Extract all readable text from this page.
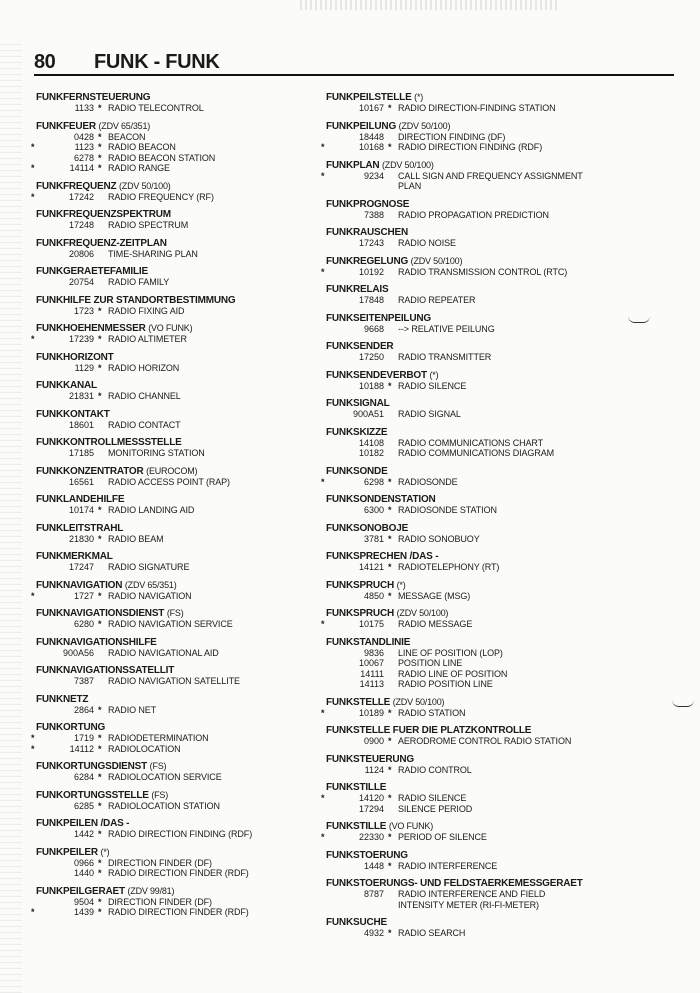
80 FUNK - FUNK
FUNKFERNSTEUERUNG
1133 * RADIO TELECONTROL
FUNKFEUER (ZDV 65/351)
0428 * BEACON
*	1123 * RADIO BEACON
6278 * RADIO BEACON STATION
*	14114 * RADIO RANGE
FUNKFREQUENZ (ZDV 50/100)
*	17242 RADIO FREQUENCY (RF)
FUNKFREQUENZSPEKTRUM
17248 RADIO SPECTRUM
FUNKFREQUENZ-ZEITPLAN
20806 TIME-SHARING PLAN
FUNKGERAETEFAMILIE
20754 RADIO FAMILY
FUNKHILFE ZUR STANDORTBESTIMMUNG
1723 * RADIO FIXING AID
FUNKHOEHENMESSER (VO FUNK)
*	17239 * RADIO ALTIMETER
FUNKHORIZONT
1129 * RADIO HORIZON
FUNKKANAL
21831 * RADIO CHANNEL
FUNKKONTAKT
18601 RADIO CONTACT
FUNKKONTROLLMESSSTELLE
17185 MONITORING STATION
FUNKKONZENTRATOR (EUROCOM)
16561 RADIO ACCESS POINT (RAP)
FUNKLANDEHILFE
10174 * RADIO LANDING AID
FUNKLEITSTRAHL
21830 * RADIO BEAM
FUNKMERKMAL
17247 RADIO SIGNATURE
FUNKNAVIGATION (ZDV 65/351)
*	1727 * RADIO NAVIGATION
FUNKNAVIGATIONSDIENST (FS)
6280 * RADIO NAVIGATION SERVICE
FUNKNAVIGATIONSHILFE
900A56 RADIO NAVIGATIONAL AID
FUNKNAVIGATIONSSATELLIT
7387 RADIO NAVIGATION SATELLITE
FUNKNETZ
2864 * RADIO NET
FUNKORTUNG
*	1719 * RADIODETERMINATION
*	14112 * RADIOLOCATION
FUNKORTUNGSDIENST (FS)
6284 * RADIOLOCATION SERVICE
FUNKORTUNGSSTELLE (FS)
6285 * RADIOLOCATION STATION
FUNKPEILEN /DAS -
1442 * RADIO DIRECTION FINDING (RDF)
FUNKPEILER (*)
0966 * DIRECTION FINDER (DF)
1440 * RADIO DIRECTION FINDER (RDF)
FUNKPEILGERAET (ZDV 99/81)
9504 * DIRECTION FINDER (DF)
*	1439 * RADIO DIRECTION FINDER (RDF)
FUNKPEILSTELLE (*)
10167 * RADIO DIRECTION-FINDING STATION
FUNKPEILUNG (ZDV 50/100)
18448 DIRECTION FINDING (DF)
*	10168 * RADIO DIRECTION FINDING (RDF)
FUNKPLAN (ZDV 50/100)
*	9234 CALL SIGN AND FREQUENCY ASSIGNMENT PLAN
FUNKPROGNOSE
7388 RADIO PROPAGATION PREDICTION
FUNKRAUSCHEN
17243 RADIO NOISE
FUNKREGELUNG (ZDV 50/100)
*	10192 RADIO TRANSMISSION CONTROL (RTC)
FUNKRELAIS
17848 RADIO REPEATER
FUNKSEITENPEILUNG
9668 --> RELATIVE PEILUNG
FUNKSENDER
17250 RADIO TRANSMITTER
FUNKSENDEVERBOT (*)
10188 * RADIO SILENCE
FUNKSIGNAL
900A51 RADIO SIGNAL
FUNKSKIZZE
14108 RADIO COMMUNICATIONS CHART
10182 RADIO COMMUNICATIONS DIAGRAM
FUNKSONDE
*	6298 * RADIOSONDE
FUNKSONDENSTATION
6300 * RADIOSONDE STATION
FUNKSONOBOJE
3781 * RADIO SONOBUOY
FUNKSPRECHEN /DAS -
14121 * RADIOTELEPHONY (RT)
FUNKSPRUCH (*)
4850 * MESSAGE (MSG)
FUNKSPRUCH (ZDV 50/100)
*	10175 RADIO MESSAGE
FUNKSTANDLINIE
9836 LINE OF POSITION (LOP)
10067 POSITION LINE
14111 RADIO LINE OF POSITION
14113 RADIO POSITION LINE
FUNKSTELLE (ZDV 50/100)
*	10189 * RADIO STATION
FUNKSTELLE FUER DIE PLATZKONTROLLE
0900 * AERODROME CONTROL RADIO STATION
FUNKSTEUERUNG
1124 * RADIO CONTROL
FUNKSTILLE
*	14120 * RADIO SILENCE
17294 SILENCE PERIOD
FUNKSTILLE (VO FUNK)
*	22330 * PERIOD OF SILENCE
FUNKSTOERUNG
1448 * RADIO INTERFERENCE
FUNKSTOERUNGS- UND FELDSTAERKEMESSGERAET
8787 RADIO INTERFERENCE AND FIELD INTENSITY METER (RI-FI-METER)
FUNKSUCHE
4932 * RADIO SEARCH
